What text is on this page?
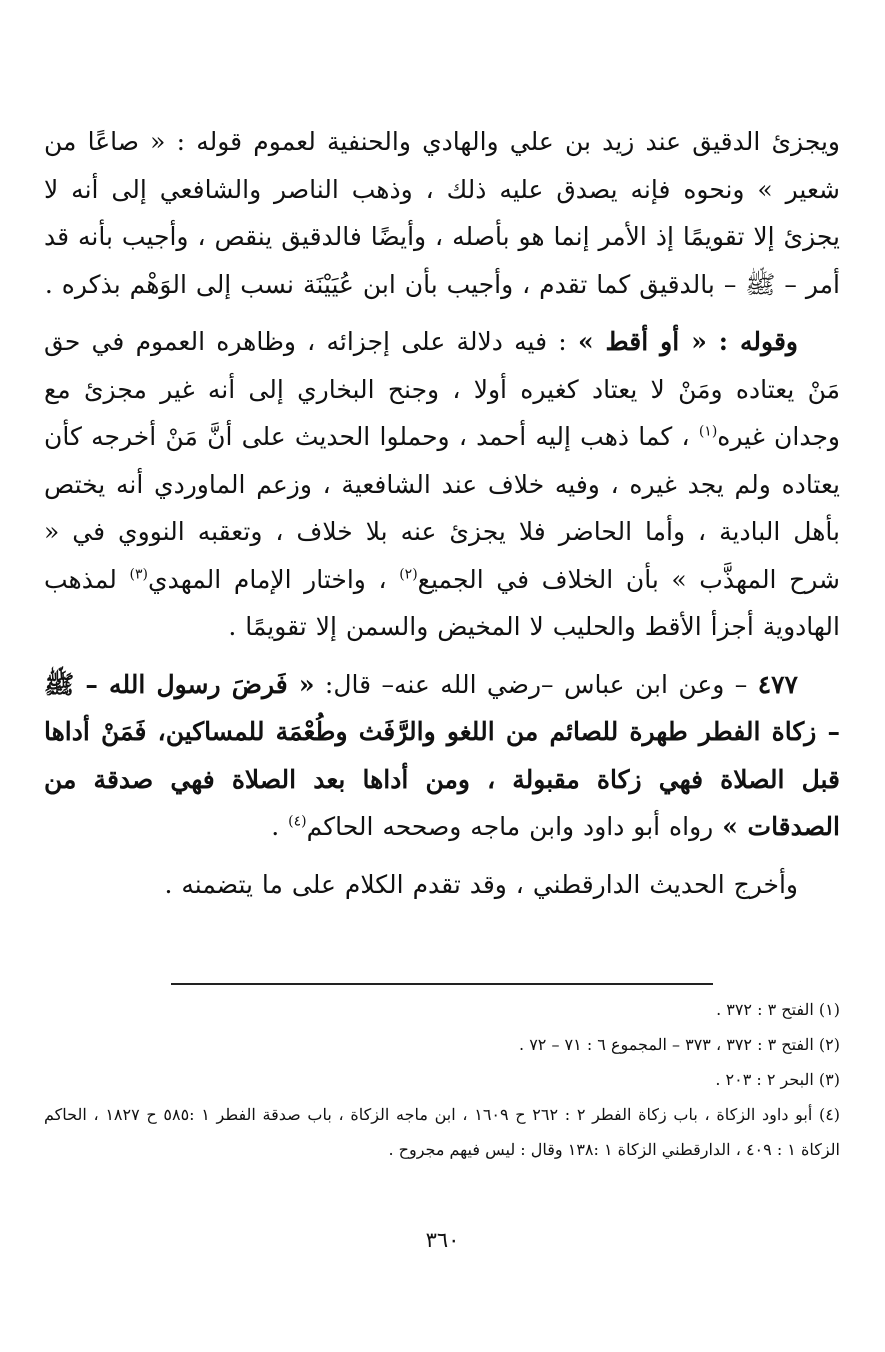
ويجزئ الدقيق عند زيد بن علي والهادي والحنفية لعموم قوله : « صاعًا من شعير » ونحوه فإنه يصدق عليه ذلك ، وذهب الناصر والشافعي إلى أنه لا يجزئ إلا تقويمًا إذ الأمر إنما هو بأصله ، وأيضًا فالدقيق ينقص ، وأجيب بأنه قد أمر – ﷺ – بالدقيق كما تقدم ، وأجيب بأن ابن عُيَيْنَة نسب إلى الوَهْم بذكره .

وقوله : « أو أقط » : فيه دلالة على إجزائه ، وظاهره العموم في حق مَنْ يعتاده ومَنْ لا يعتاد كغيره أولا ، وجنح البخاري إلى أنه غير مجزئ مع وجدان غيره$^{(١)}$ ، كما ذهب إليه أحمد ، وحملوا الحديث على أنَّ مَنْ أخرجه كأن يعتاده ولم يجد غيره ، وفيه خلاف عند الشافعية ، وزعم الماوردي أنه يختص بأهل البادية ، وأما الحاضر فلا يجزئ عنه بلا خلاف ، وتعقبه النووي في « شرح المهذَّب » بأن الخلاف في الجميع$^{(٢)}$ ، واختار الإمام المهدي$^{(٣)}$ لمذهب الهادوية أجزأ الأقط والحليب لا المخيض والسمن إلا تقويمًا .

٤٧٧ – وعن ابن عباس –رضي الله عنه– قال: « فَرضَ رسول الله – ﷺ – زكاة الفطر طهرة للصائم من اللغو والرَّفَث وطُعْمَة للمساكين، فَمَنْ أداها قبل الصلاة فهي زكاة مقبولة ، ومن أداها بعد الصلاة فهي صدقة من الصدقات » رواه أبو داود وابن ماجه وصححه الحاكم$^{(٤)}$ .

وأخرج الحديث الدارقطني ، وقد تقدم الكلام على ما يتضمنه .

(١) الفتح ٣ : ٣٧٢ .

(٢) الفتح ٣ : ٣٧٢ ، ٣٧٣ – المجموع ٦ : ٧١ – ٧٢ .

(٣) البحر ٢ : ٢٠٣ .

(٤) أبو داود الزكاة ، باب زكاة الفطر ٢ : ٢٦٢ ح ١٦٠٩ ، ابن ماجه الزكاة ، باب صدقة الفطر ١ :٥٨٥ ح ١٨٢٧ ، الحاكم الزكاة ١ : ٤٠٩ ، الدارقطني الزكاة ١ :١٣٨ وقال : ليس فيهم مجروح .

٣٦٠
